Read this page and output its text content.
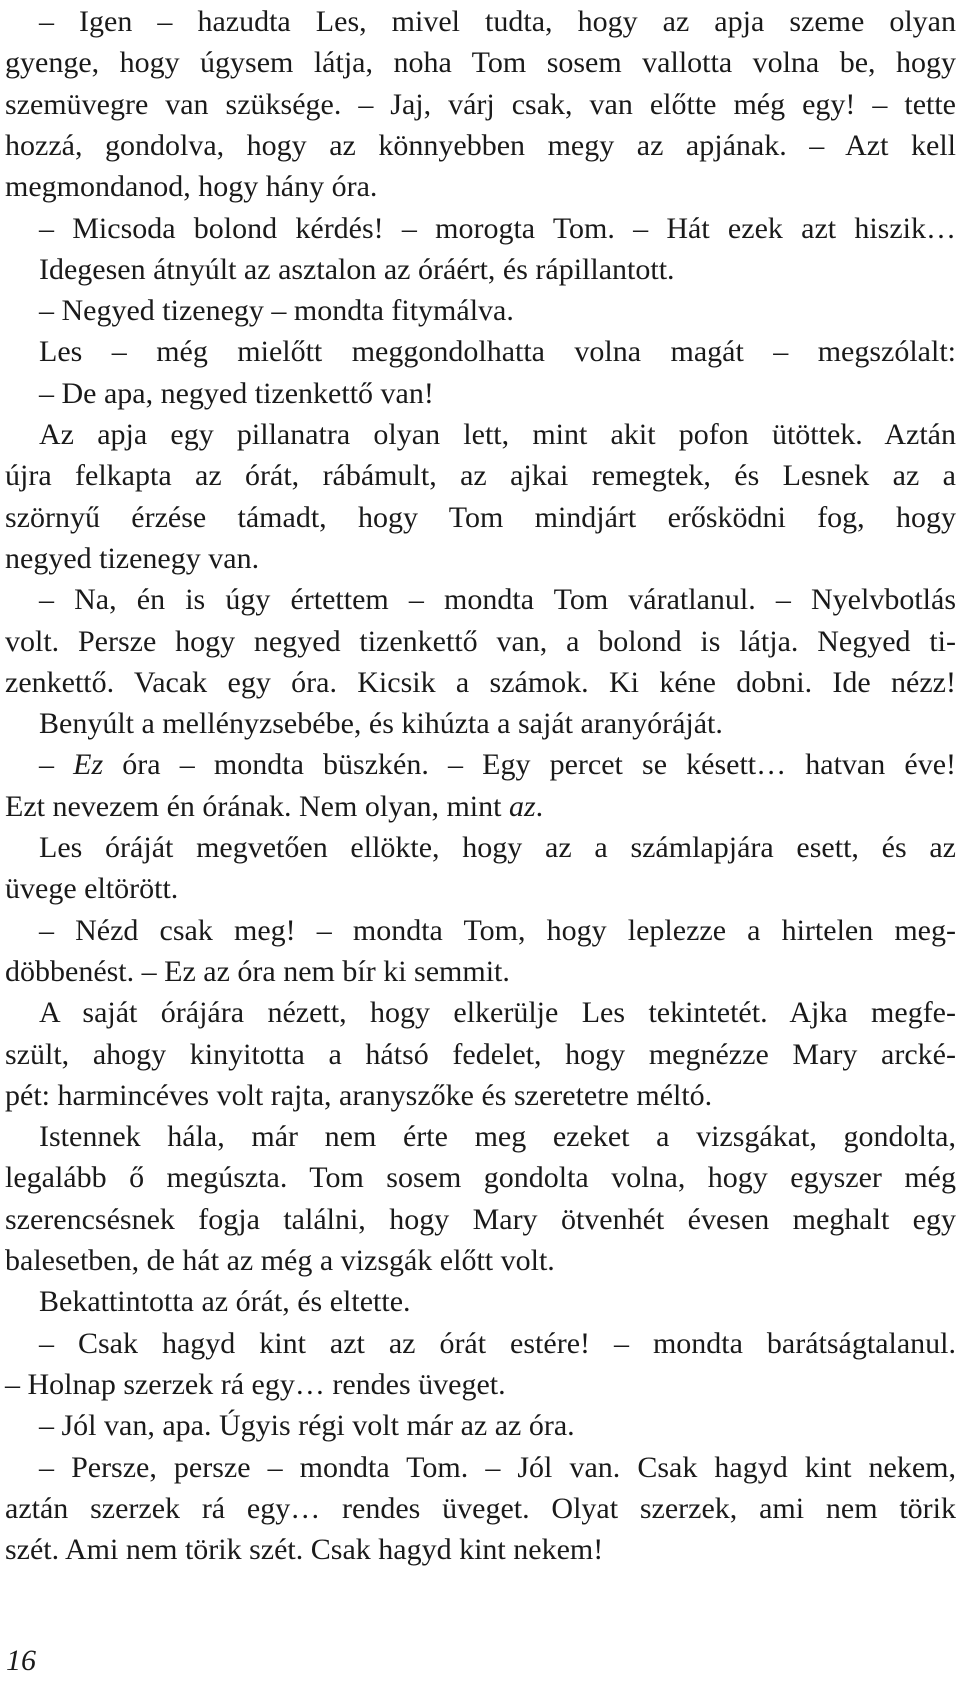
– Igen – hazudta Les, mivel tudta, hogy az apja szeme olyan
gyenge, hogy úgysem látja, noha Tom sosem vallotta volna be, hogy
szemüvegre van szüksége. – Jaj, várj csak, van előtte még egy! – tette
hozzá, gondolva, hogy az könnyebben megy az apjának. – Azt kell
megmondanod, hogy hány óra.
– Micsoda bolond kérdés! – morogta Tom. – Hát ezek azt hiszik…
Idegesen átnyúlt az asztalon az óráért, és rápillantott.
– Negyed tizenegy – mondta fitymálva.
Les – még mielőtt meggondolhatta volna magát – megszólalt:
– De apa, negyed tizenkettő van!
Az apja egy pillanatra olyan lett, mint akit pofon ütöttek. Aztán
újra felkapta az órát, rábámult, az ajkai remegtek, és Lesnek az a
szörnyű érzése támadt, hogy Tom mindjárt erősködni fog, hogy
negyed tizenegy van.
– Na, én is úgy értettem – mondta Tom váratlanul. – Nyelvbotlás
volt. Persze hogy negyed tizenkettő van, a bolond is látja. Negyed ti-
zenkettő. Vacak egy óra. Kicsik a számok. Ki kéne dobni. Ide nézz!
Benyúlt a mellényzsebébe, és kihúzta a saját aranyóráját.
– Ez óra – mondta büszkén. – Egy percet se késett… hatvan éve!
Ezt nevezem én órának. Nem olyan, mint az.
Les óráját megvetően ellökte, hogy az a számlapjára esett, és az
üvege eltörött.
– Nézd csak meg! – mondta Tom, hogy leplezze a hirtelen meg-
döbbenést. – Ez az óra nem bír ki semmit.
A saját órájára nézett, hogy elkerülje Les tekintetét. Ajka megfe-
szült, ahogy kinyitotta a hátsó fedelet, hogy megnézze Mary arcké-
pét: harmincéves volt rajta, aranyszőke és szeretetre méltó.
Istennek hála, már nem érte meg ezeket a vizsgákat, gondolta,
legalább ő megúszta. Tom sosem gondolta volna, hogy egyszer még
szerencsésnek fogja találni, hogy Mary ötvenhét évesen meghalt egy
balesetben, de hát az még a vizsgák előtt volt.
Bekattintotta az órát, és eltette.
– Csak hagyd kint azt az órát estére! – mondta barátságtalanul.
– Holnap szerzek rá egy… rendes üveget.
– Jól van, apa. Úgyis régi volt már az az óra.
– Persze, persze – mondta Tom. – Jól van. Csak hagyd kint nekem,
aztán szerzek rá egy… rendes üveget. Olyat szerzek, ami nem törik
szét. Ami nem törik szét. Csak hagyd kint nekem!
16
